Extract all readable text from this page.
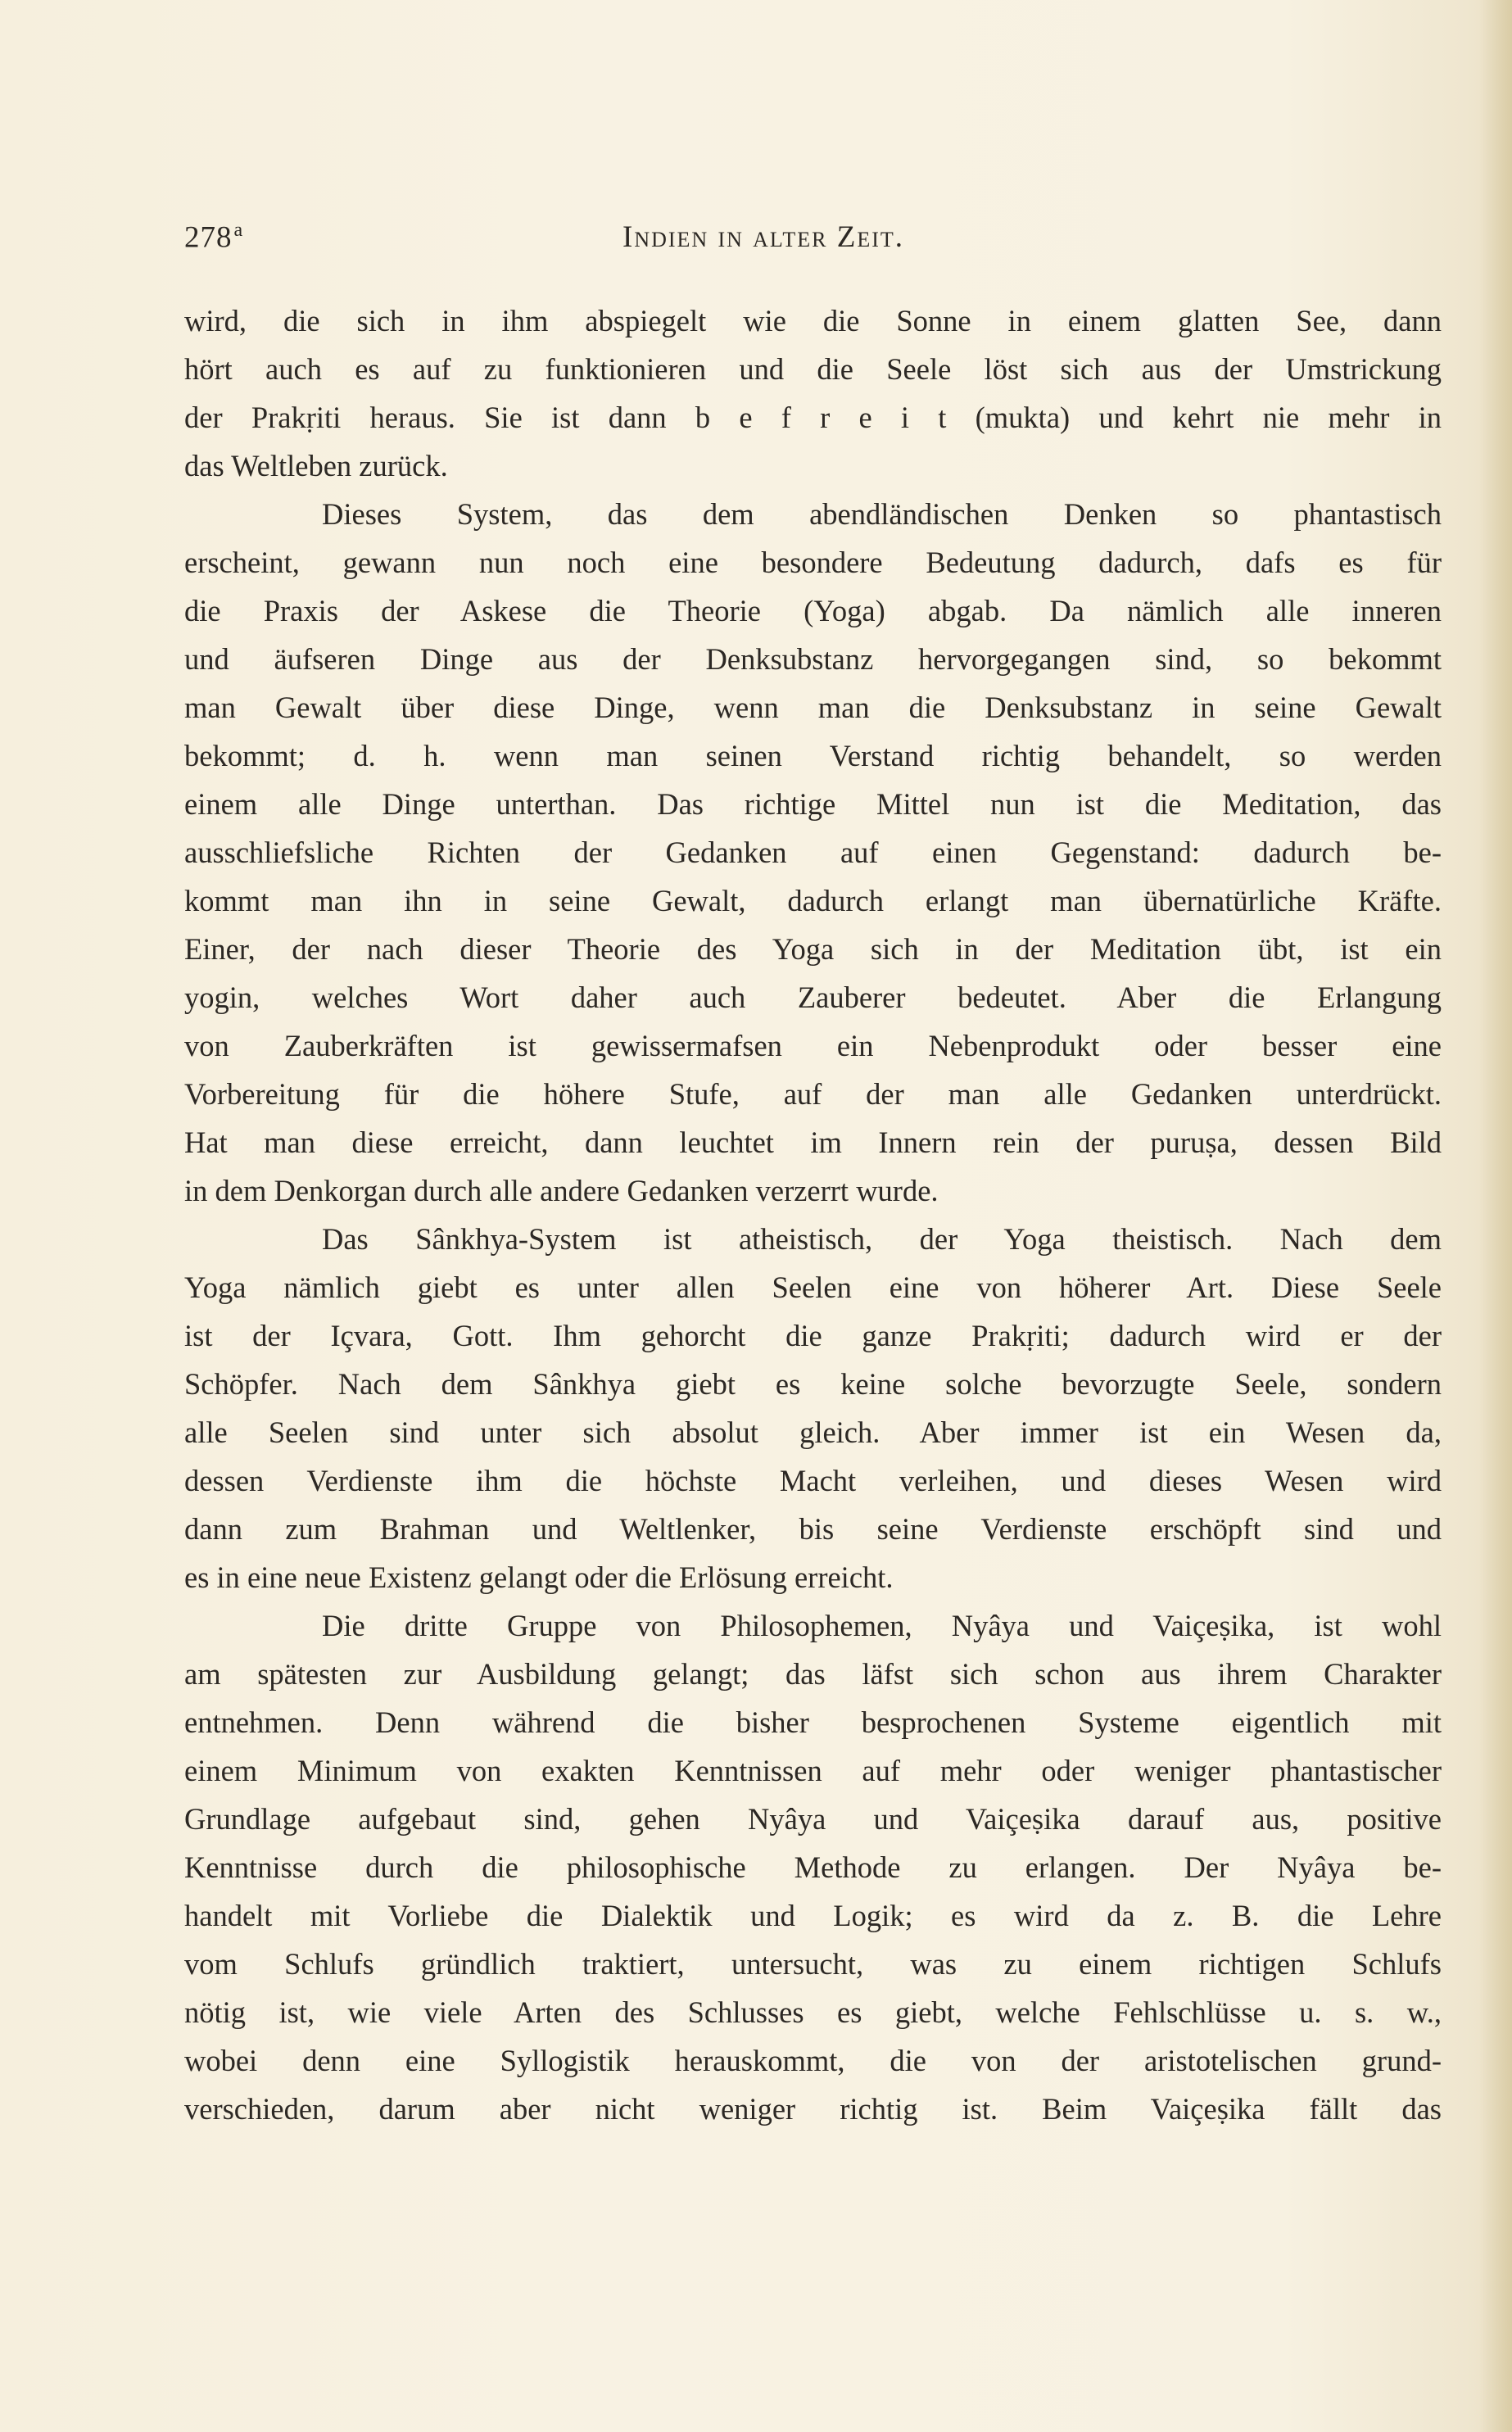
278$^a$	Indien in alter Zeit.
wird, die sich in ihm abspiegelt wie die Sonne in einem glatten See, dann
hört auch es auf zu funktionieren und die Seele löst sich aus der Umstrickung
der Prakṛiti heraus. Sie ist dann b e f r e i t (mukta) und kehrt nie mehr in
das Weltleben zurück.
Dieses System, das dem abendländischen Denken so phantastisch
erscheint, gewann nun noch eine besondere Bedeutung dadurch, dafs es für
die Praxis der Askese die Theorie (Yoga) abgab. Da nämlich alle inneren
und äufseren Dinge aus der Denksubstanz hervorgegangen sind, so bekommt
man Gewalt über diese Dinge, wenn man die Denksubstanz in seine Gewalt
bekommt; d. h. wenn man seinen Verstand richtig behandelt, so werden
einem alle Dinge unterthan. Das richtige Mittel nun ist die Meditation, das
ausschliefsliche Richten der Gedanken auf einen Gegenstand: dadurch be-
kommt man ihn in seine Gewalt, dadurch erlangt man übernatürliche Kräfte.
Einer, der nach dieser Theorie des Yoga sich in der Meditation übt, ist ein
yogin, welches Wort daher auch Zauberer bedeutet. Aber die Erlangung
von Zauberkräften ist gewissermafsen ein Nebenprodukt oder besser eine
Vorbereitung für die höhere Stufe, auf der man alle Gedanken unterdrückt.
Hat man diese erreicht, dann leuchtet im Innern rein der puruṣa, dessen Bild
in dem Denkorgan durch alle andere Gedanken verzerrt wurde.
Das Sânkhya-System ist atheistisch, der Yoga theistisch. Nach dem
Yoga nämlich giebt es unter allen Seelen eine von höherer Art. Diese Seele
ist der Içvara, Gott. Ihm gehorcht die ganze Prakṛiti; dadurch wird er der
Schöpfer. Nach dem Sânkhya giebt es keine solche bevorzugte Seele, sondern
alle Seelen sind unter sich absolut gleich. Aber immer ist ein Wesen da,
dessen Verdienste ihm die höchste Macht verleihen, und dieses Wesen wird
dann zum Brahman und Weltlenker, bis seine Verdienste erschöpft sind und
es in eine neue Existenz gelangt oder die Erlösung erreicht.
Die dritte Gruppe von Philosophemen, Nyâya und Vaiçeṣika, ist wohl
am spätesten zur Ausbildung gelangt; das läfst sich schon aus ihrem Charakter
entnehmen. Denn während die bisher besprochenen Systeme eigentlich mit
einem Minimum von exakten Kenntnissen auf mehr oder weniger phantastischer
Grundlage aufgebaut sind, gehen Nyâya und Vaiçeṣika darauf aus, positive
Kenntnisse durch die philosophische Methode zu erlangen. Der Nyâya be-
handelt mit Vorliebe die Dialektik und Logik; es wird da z. B. die Lehre
vom Schlufs gründlich traktiert, untersucht, was zu einem richtigen Schlufs
nötig ist, wie viele Arten des Schlusses es giebt, welche Fehlschlüsse u. s. w.,
wobei denn eine Syllogistik herauskommt, die von der aristotelischen grund-
verschieden, darum aber nicht weniger richtig ist. Beim Vaiçeṣika fällt das
